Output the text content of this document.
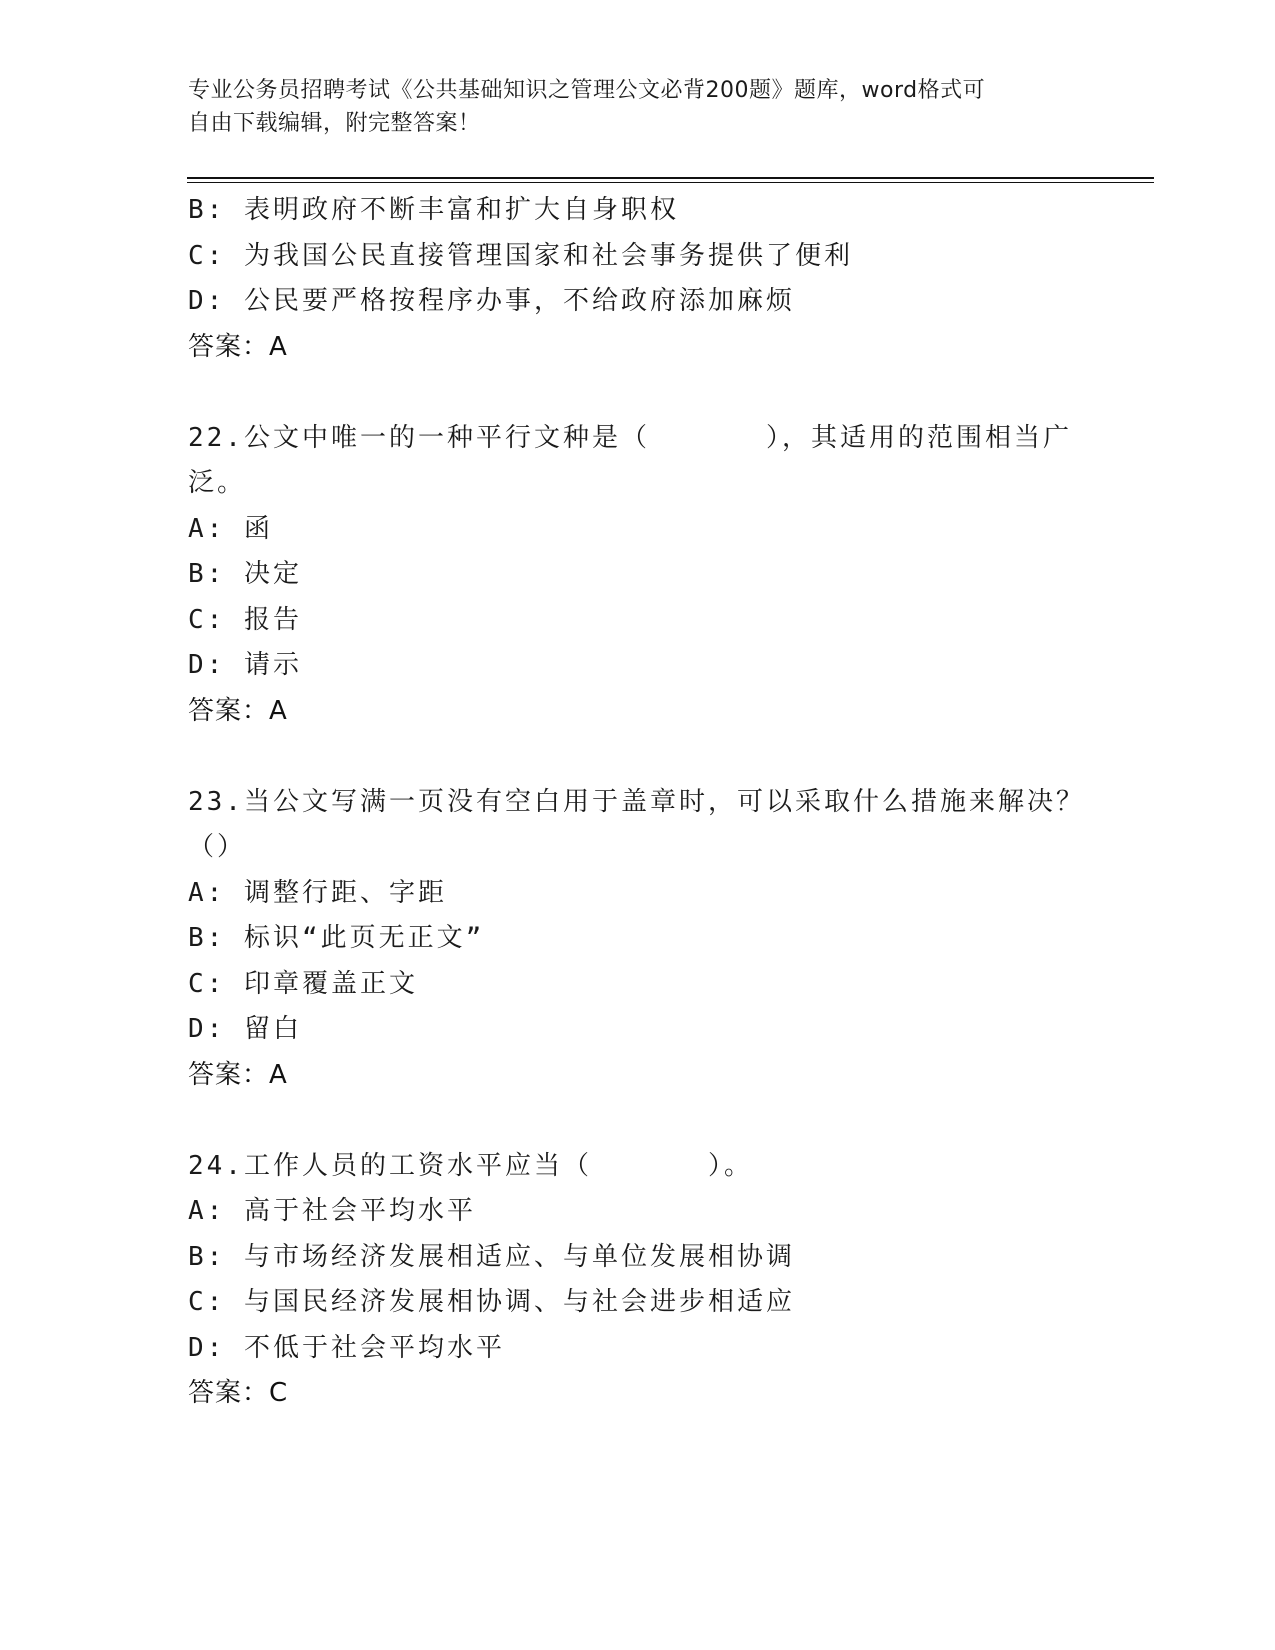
专业公务员招聘考试《公共基础知识之管理公文必背200题》题库，word格式可
自由下载编辑，附完整答案！
B: 表明政府不断丰富和扩大自身职权
C: 为我国公民直接管理国家和社会事务提供了便利
D: 公民要严格按程序办事，不给政府添加麻烦
答案：A
22.公文中唯一的一种平行文种是（　　　　），其适用的范围相当广
泛。
A: 函
B: 决定
C: 报告
D: 请示
答案：A
23.当公文写满一页没有空白用于盖章时，可以采取什么措施来解决？
（）
A: 调整行距、字距
B: 标识“此页无正文”
C: 印章覆盖正文
D: 留白
答案：A
24.工作人员的工资水平应当（　　　　）。
A: 高于社会平均水平
B: 与市场经济发展相适应、与单位发展相协调
C: 与国民经济发展相协调、与社会进步相适应
D: 不低于社会平均水平
答案：C
